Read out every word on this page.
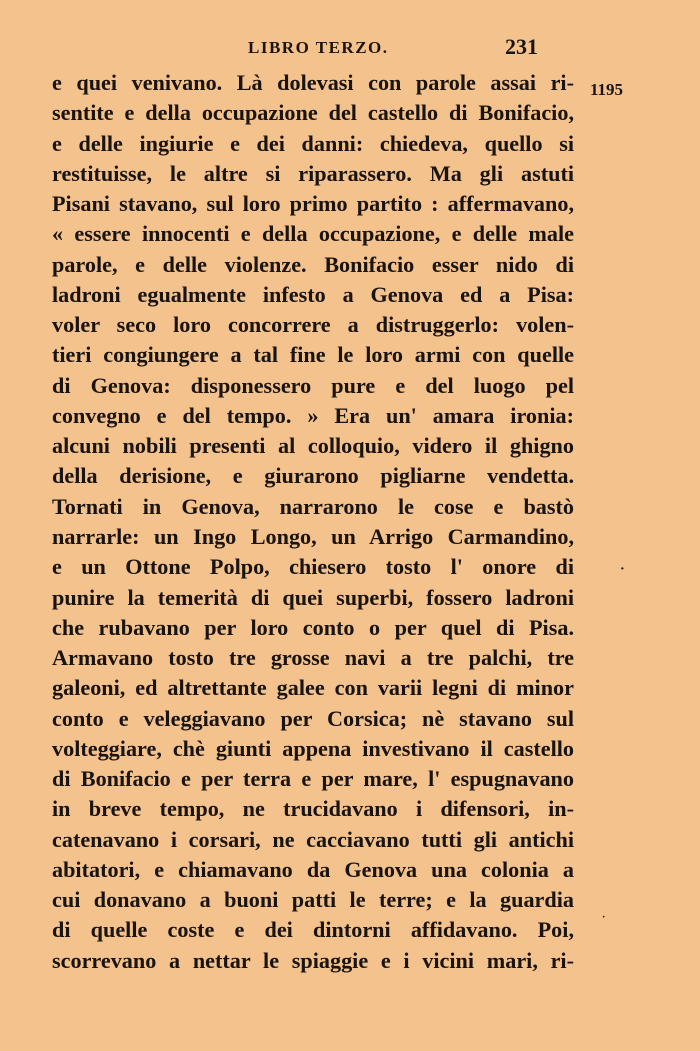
LIBRO TERZO.	231
1195
e quei venivano. Là dolevasi con parole assai ri-
sentite e della occupazione del castello di Bonifacio,
e delle ingiurie e dei danni: chiedeva, quello si
restituisse, le altre si riparassero. Ma gli astuti
Pisani stavano, sul loro primo partito : affermavano,
« essere innocenti e della occupazione, e delle male
parole, e delle violenze. Bonifacio esser nido di
ladroni egualmente infesto a Genova ed a Pisa:
voler seco loro concorrere a distruggerlo: volen-
tieri congiungere a tal fine le loro armi con quelle
di Genova: disponessero pure e del luogo pel
convegno e del tempo. » Era un' amara ironia:
alcuni nobili presenti al colloquio, videro il ghigno
della derisione, e giurarono pigliarne vendetta.
Tornati in Genova, narrarono le cose e bastò
narrarle: un Ingo Longo, un Arrigo Carmandino,
e un Ottone Polpo, chiesero tosto l' onore di
punire la temerità di quei superbi, fossero ladroni
che rubavano per loro conto o per quel di Pisa.
Armavano tosto tre grosse navi a tre palchi, tre
galeoni, ed altrettante galee con varii legni di minor
conto e veleggiavano per Corsica; nè stavano sul
volteggiare, chè giunti appena investivano il castello
di Bonifacio e per terra e per mare, l' espugnavano
in breve tempo, ne trucidavano i difensori, in-
catenavano i corsari, ne cacciavano tutti gli antichi
abitatori, e chiamavano da Genova una colonia a
cui donavano a buoni patti le terre; e la guardia
di quelle coste e dei dintorni affidavano. Poi,
scorrevano a nettar le spiaggie e i vicini mari, ri-
·
·
